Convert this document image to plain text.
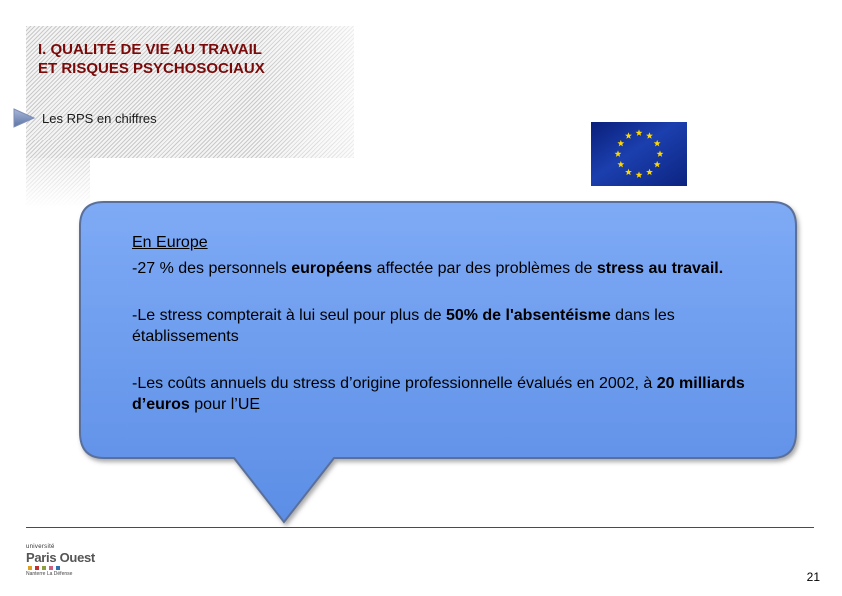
I. QUALITÉ DE VIE AU TRAVAIL
ET RISQUES PSYCHOSOCIAUX
Les RPS en chiffres
En Europe

-27 % des personnels européens affectée par des problèmes de stress au travail.

-Le stress compterait à lui seul pour plus de 50% de l'absentéisme dans les établissements

-Les coûts annuels du stress d’origine professionnelle évalués en 2002, à 20 milliards d’euros pour l’UE

université
Paris Ouest
Nanterre La Défense	21
